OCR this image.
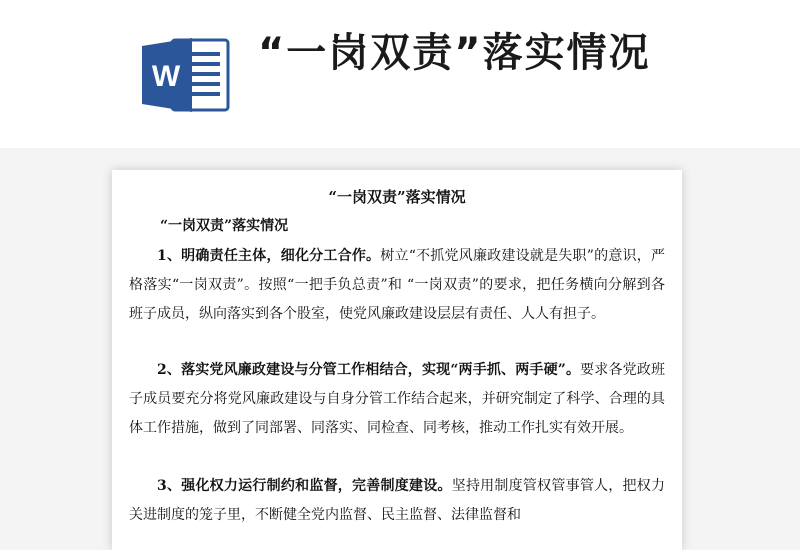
W
“一岗双责”落实情况
“一岗双责”落实情况
“一岗双责”落实情况

1、明确责任主体，细化分工合作。树立“不抓党风廉政建设就是失职”的意识，严格落实“一岗双责”。按照“一把手负总责”和 “一岗双责”的要求，把任务横向分解到各班子成员，纵向落实到各个股室，使党风廉政建设层层有责任、人人有担子。

2、落实党风廉政建设与分管工作相结合，实现“两手抓、两手硬”。要求各党政班子成员要充分将党风廉政建设与自身分管工作结合起来，并研究制定了科学、合理的具体工作措施，做到了同部署、同落实、同检查、同考核，推动工作扎实有效开展。

3、强化权力运行制约和监督，完善制度建设。坚持用制度管权管事管人，把权力关进制度的笼子里，不断健全党内监督、民主监督、法律监督和
